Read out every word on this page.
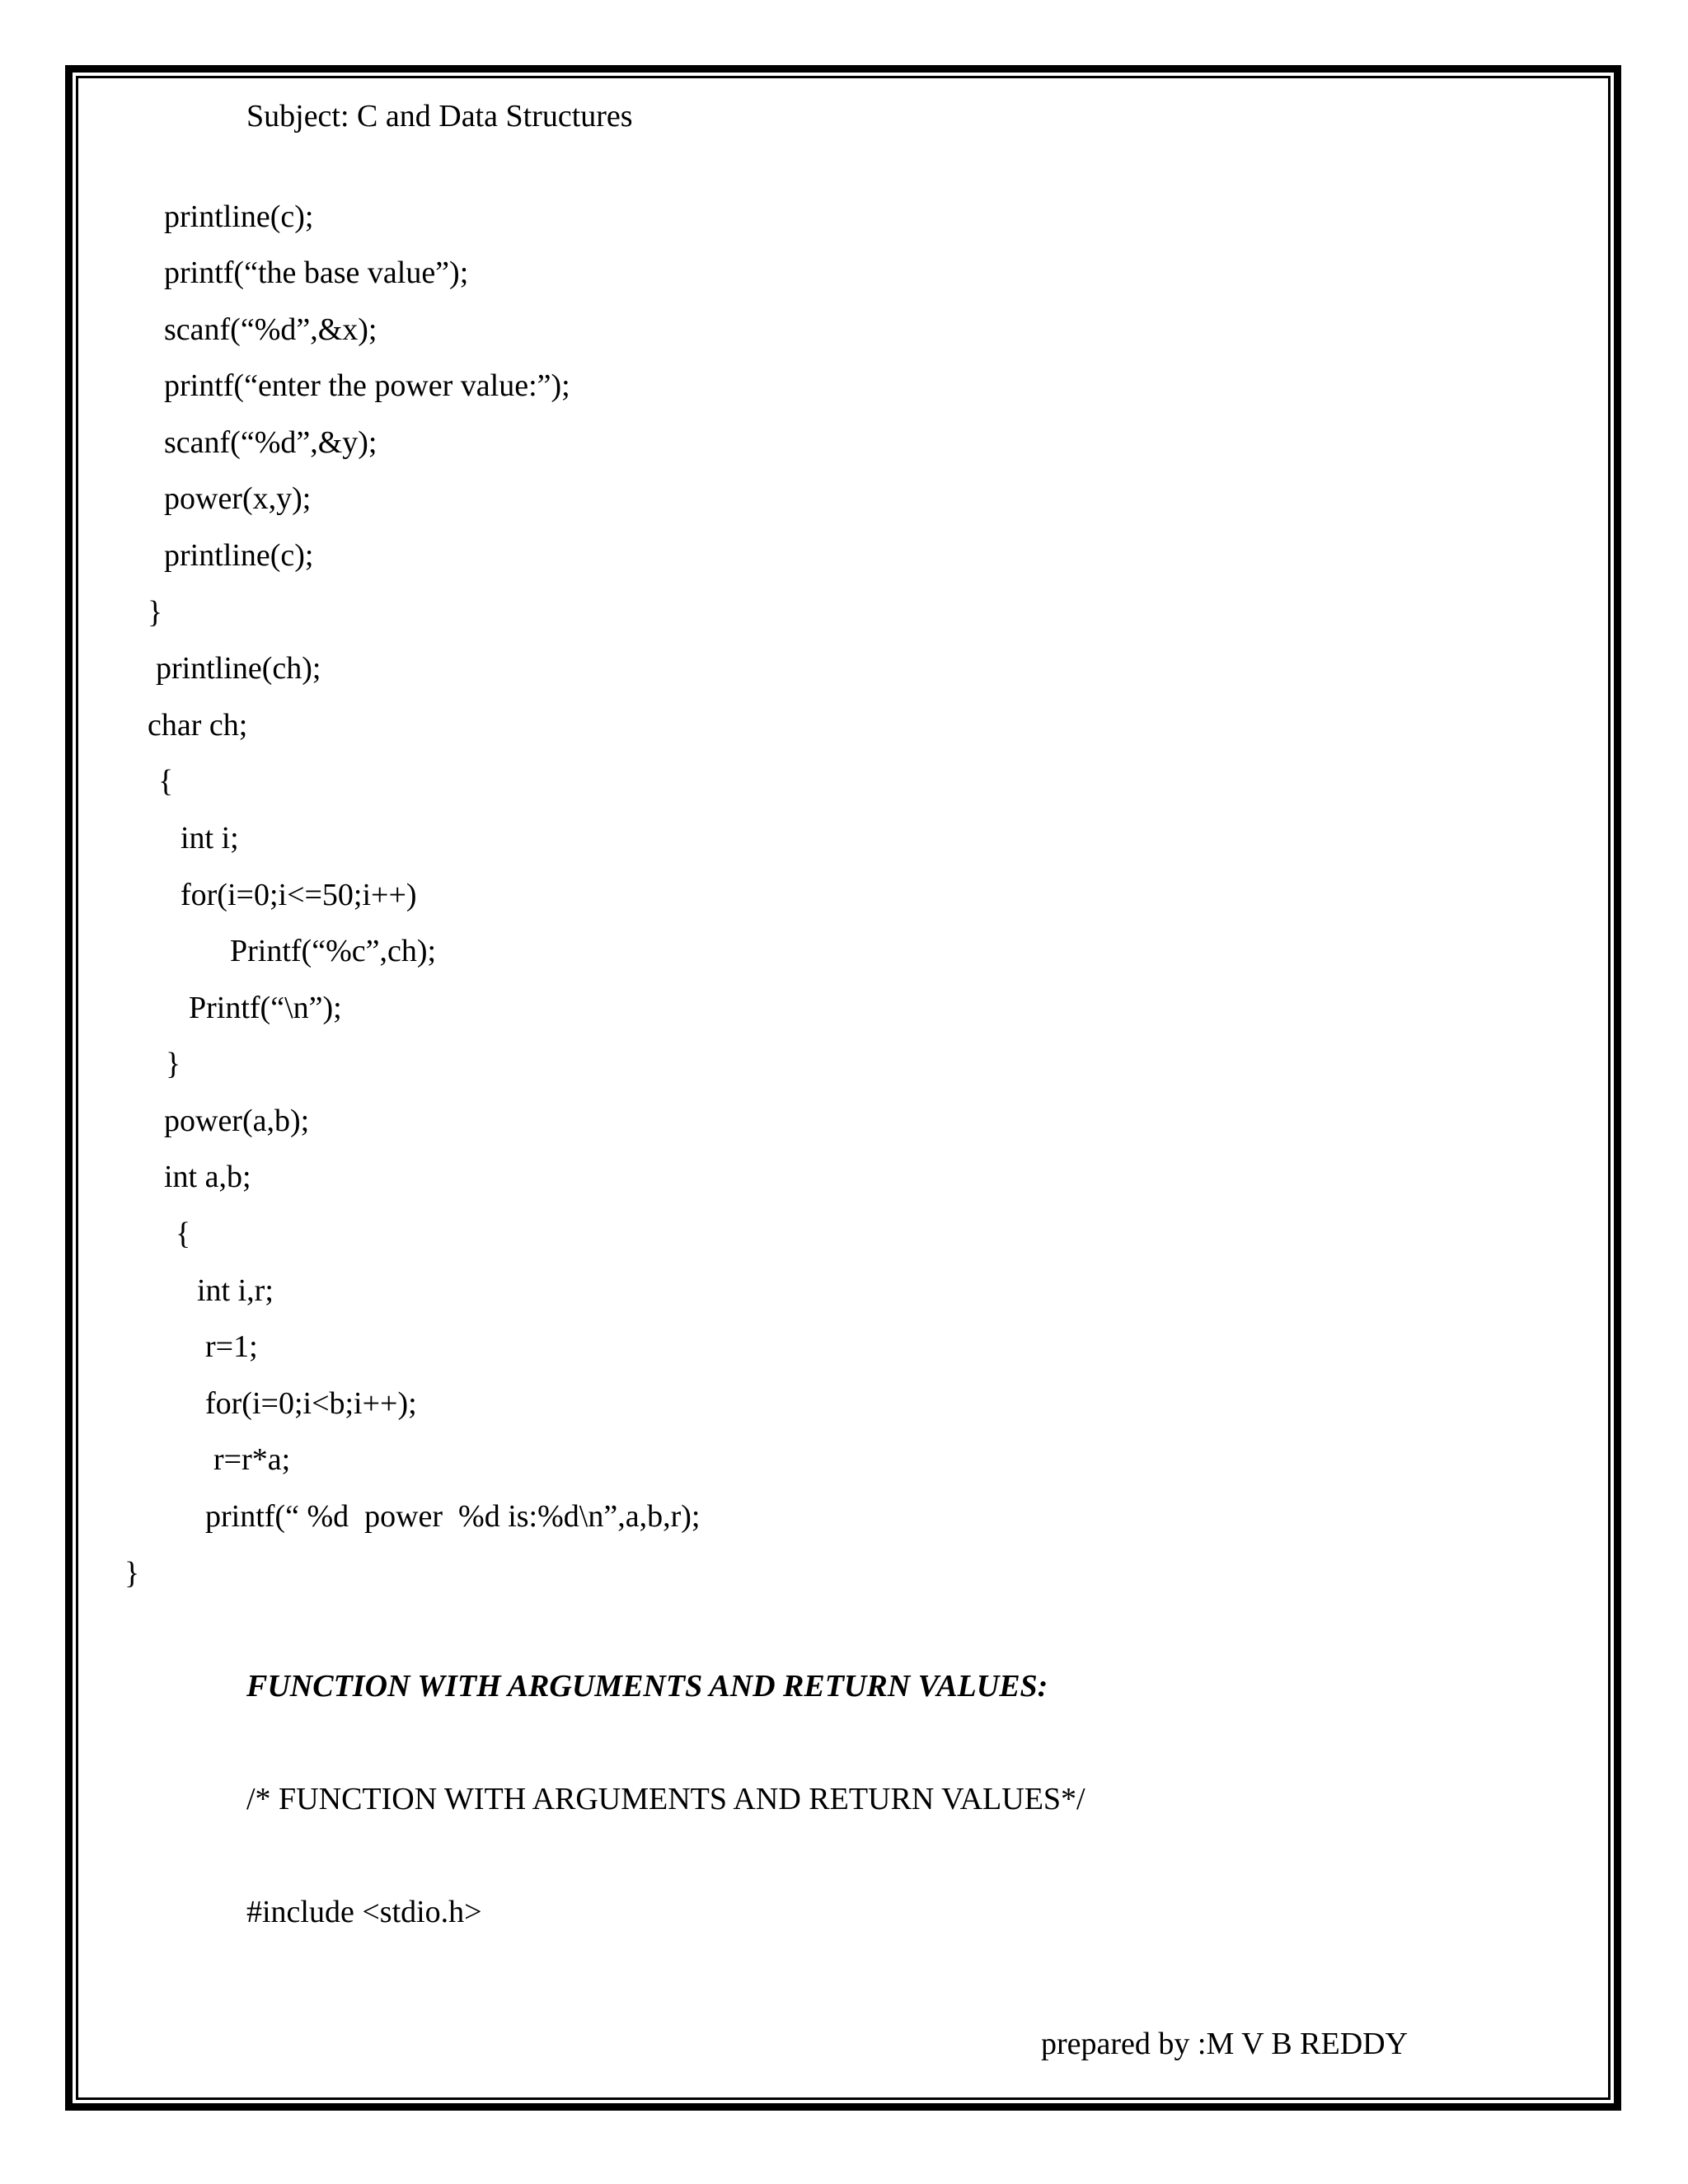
Subject: C and Data Structures
printline(c);
printf(“the base value”);
scanf(“%d”,&x);
printf(“enter the power value:”);
scanf(“%d”,&y);
power(x,y);
printline(c);
}
printline(ch);
char ch;
{
int i;
for(i=0;i<=50;i++)
Printf(“%c”,ch);
Printf(“\n”);
}
power(a,b);
int a,b;
{
int i,r;
r=1;
for(i=0;i<b;i++);
r=r*a;
printf(“ %d  power  %d is:%d\n”,a,b,r);
}
FUNCTION WITH ARGUMENTS AND RETURN VALUES:
/* FUNCTION WITH ARGUMENTS AND RETURN VALUES*/
#include <stdio.h>
prepared by :M V B REDDY
